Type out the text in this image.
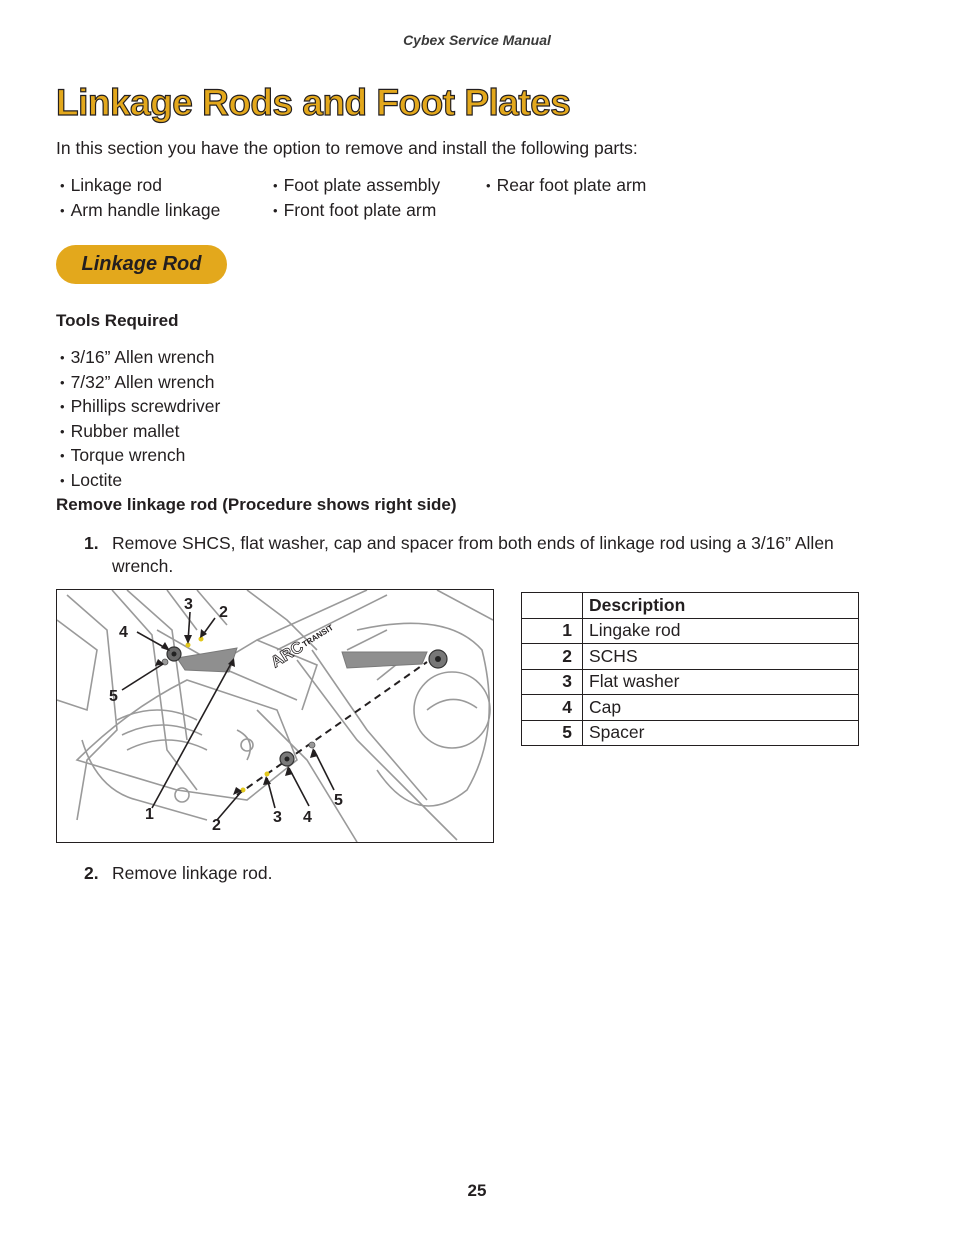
Cybex Service Manual
Linkage Rods and Foot Plates
In this section you have the option to remove and install the following parts:
• Linkage rod
• Arm handle linkage
• Foot plate assembly
• Front foot plate arm
• Rear foot plate arm
Linkage Rod
Tools Required
• 3/16” Allen wrench
• 7/32” Allen wrench
• Phillips screwdriver
• Rubber mallet
• Torque wrench
• Loctite
Remove linkage rod (Procedure shows right side)
1. Remove SHCS, flat washer, cap and spacer from both ends of linkage rod using a 3/16” Allen wrench.
ARC
TRANSIT
3 2
4
5
1
2	3 4
5
	Description
1	Lingake rod
2	SCHS
3	Flat washer
4	Cap
5	Spacer
2. Remove linkage rod.
25
